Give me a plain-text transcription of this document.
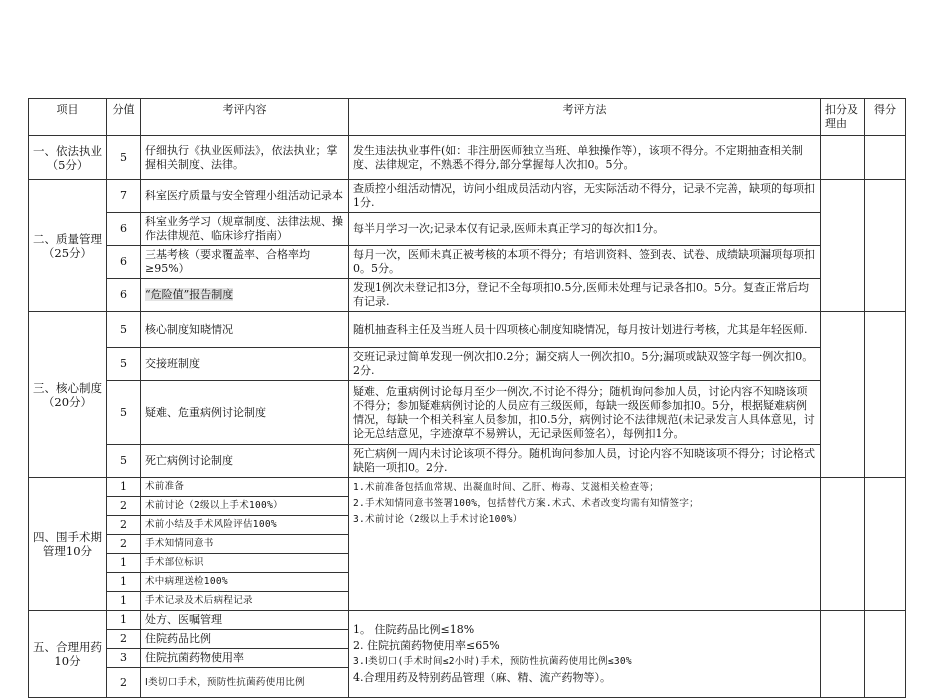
项目	分值	考评内容	考评方法	扣分及理由	得分
一、依法执业（5分）	5	仔细执行《执业医师法》，依法执业；掌握相关制度、法律。	发生违法执业事件(如：非注册医师独立当班、单独操作等），该项不得分。不定期抽查相关制度、法律规定，不熟悉不得分,部分掌握每人次扣0。5分。		

二、质量管理
（25分）	7	科室医疗质量与安全管理小组活动记录本	查质控小组活动情况，访问小组成员活动内容，无实际活动不得分，记录不完善，缺项的每项扣1分.		
	6	科室业务学习（规章制度、法律法规、操作法律规范、临床诊疗指南）	每半月学习一次;记录本仅有记录,医师未真正学习的每次扣1分。		
	6	三基考核（要求覆盖率、合格率均≥95%）	每月一次，医师未真正被考核的本项不得分；有培训资料、签到表、试卷、成绩缺项漏项每项扣0。5分。		
	6	“危险值”报告制度	发现1例次未登记扣3分，登记不全每项扣0.5分,医师未处理与记录各扣0。5分。复查正常后均有记录.		

三、核心制度
（20分）	5	核心制度知晓情况	随机抽查科主任及当班人员十四项核心制度知晓情况，每月按计划进行考核，尤其是年轻医师.		
	5	交接班制度	交班记录过简单发现一例次扣0.2分；漏交病人一例次扣0。5分;漏项或缺双签字每一例次扣0。2分.		
	5	疑难、危重病例讨论制度	疑难、危重病例讨论每月至少一例次,不讨论不得分；随机询问参加人员，讨论内容不知晓该项不得分；参加疑难病例讨论的人员应有三级医师，每缺一级医师参加扣0。5分，根据疑难病例情况，每缺一个相关科室人员参加，扣0.5分，病例讨论不法律规范(未记录发言人具体意见，讨论无总结意见，字迹潦草不易辨认，无记录医师签名），每例扣1分。		
	5	死亡病例讨论制度	死亡病例一周内未讨论该项不得分。随机询问参加人员，讨论内容不知晓该项不得分；讨论格式缺陷一项扣0。2分.		
四、围手术期管理10分	1	术前准备	1.术前准备包括血常规、出凝血时间、乙肝、梅毒、艾滋相关检查等；
2.手术知情同意书签署100%，包括替代方案.术式、术者改变均需有知情签字；
3.术前讨论（2级以上手术讨论100%）		

	2	术前讨论（2级以上手术100%）			
	2	术前小结及手术风险评估100%			
	2	手术知情同意书			
	1	手术部位标识			
	1	术中病理送检100%			
	1	手术记录及术后病程记录			
五、合理用药10分	1	处方、医嘱管理	1。 住院药品比例≤18%
2. 住院抗菌药物使用率≤65%
3.Ⅰ类切口(手术时间≤2小时)手术，预防性抗菌药使用比例≤30%
4.合理用药及特别药品管理（麻、精、流产药物等）。		

	2	住院药品比例			
	3	住院抗菌药物使用率			
	2	Ⅰ类切口手术，预防性抗菌药使用比例			
